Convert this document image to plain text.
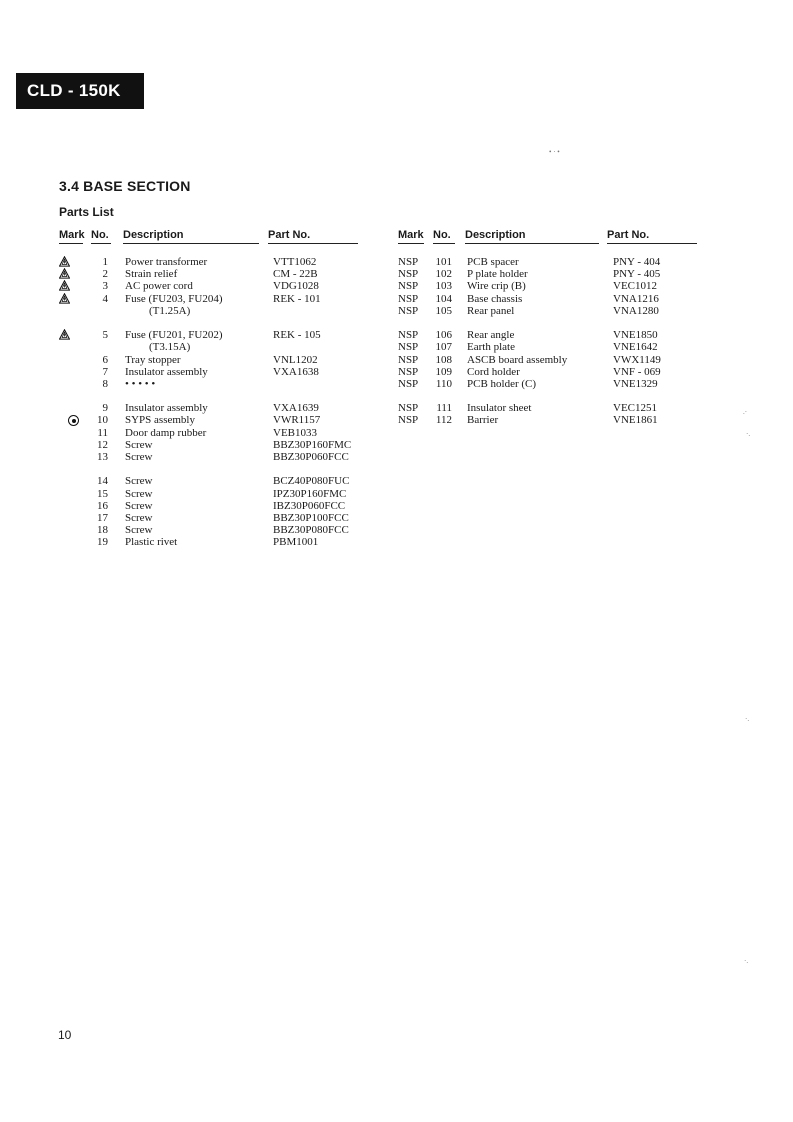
CLD - 150K
3.4 BASE SECTION
Parts List
Mark No. Description	Part No.	Mark No.	Description	Part No.
1 Power transformer	VTT1062
2 Strain relief	CM - 22B
3 AC power cord	VDG1028
4 Fuse (FU203, FU204)	REK - 101
(T1.25A)
5 Fuse (FU201, FU202)	REK - 105
(T3.15A)
6 Tray stopper	VNL1202
7 Insulator assembly	VXA1638
8 • • • • •
9 Insulator assembly	VXA1639
10 SYPS assembly	VWR1157
11 Door damp rubber	VEB1033
12 Screw	BBZ30P160FMC
13 Screw	BBZ30P060FCC
14 Screw	BCZ40P080FUC
15 Screw	IPZ30P160FMC
16 Screw	IBZ30P060FCC
17 Screw	BBZ30P100FCC
18 Screw	BBZ30P080FCC
19 Plastic rivet	PBM1001
NSP	101 PCB spacer	PNY - 404
NSP	102 P plate holder	PNY - 405
NSP	103 Wire crip (B)	VEC1012
NSP	104 Base chassis	VNA1216
NSP	105 Rear panel	VNA1280
NSP	106 Rear angle	VNE1850
NSP	107 Earth plate	VNE1642
NSP	108 ASCB board assembly	VWX1149
NSP	109 Cord holder	VNF - 069
NSP	110 PCB holder (C)	VNE1329
NSP	111 Insulator sheet	VEC1251
NSP	112 Barrier	VNE1861
10
• · •
.·
·.
·.
·.
